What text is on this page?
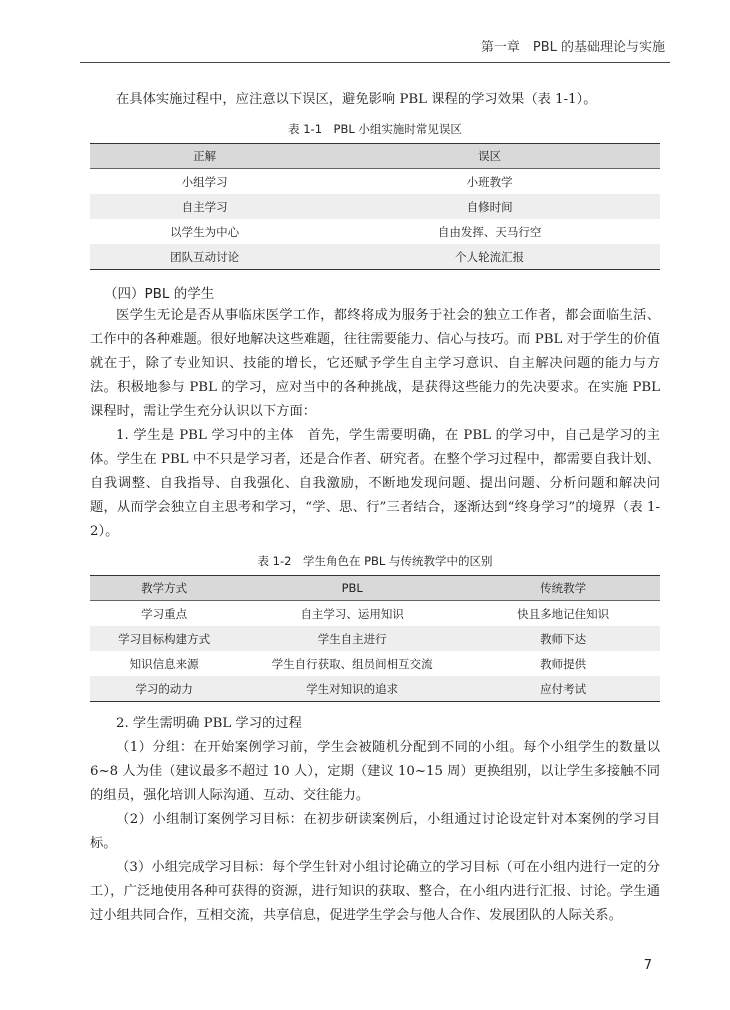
第一章　PBL 的基础理论与实施

在具体实施过程中，应注意以下误区，避免影响 PBL 课程的学习效果（表 1-1）。

表 1-1　PBL 小组实施时常见误区
正解	误区
小组学习	小班教学
自主学习	自修时间
以学生为中心	自由发挥、天马行空
团队互动讨论	个人轮流汇报
（四）PBL 的学生

医学生无论是否从事临床医学工作，都终将成为服务于社会的独立工作者，都会面临生活、工作中的各种难题。很好地解决这些难题，往往需要能力、信心与技巧。而 PBL 对于学生的价值就在于，除了专业知识、技能的增长，它还赋予学生自主学习意识、自主解决问题的能力与方法。积极地参与 PBL 的学习，应对当中的各种挑战，是获得这些能力的先决要求。在实施 PBL 课程时，需让学生充分认识以下方面：

1. 学生是 PBL 学习中的主体　首先，学生需要明确，在 PBL 的学习中，自己是学习的主体。学生在 PBL 中不只是学习者，还是合作者、研究者。在整个学习过程中，都需要自我计划、自我调整、自我指导、自我强化、自我激励，不断地发现问题、提出问题、分析问题和解决问题，从而学会独立自主思考和学习，“学、思、行”三者结合，逐渐达到“终身学习”的境界（表 1-2）。

表 1-2　学生角色在 PBL 与传统教学中的区别
教学方式	PBL	传统教学
学习重点	自主学习、运用知识	快且多地记住知识
学习目标构建方式	学生自主进行	教师下达
知识信息来源	学生自行获取、组员间相互交流	教师提供
学习的动力	学生对知识的追求	应付考试

2. 学生需明确 PBL 学习的过程

（1）分组：在开始案例学习前，学生会被随机分配到不同的小组。每个小组学生的数量以 6~8 人为佳（建议最多不超过 10 人），定期（建议 10~15 周）更换组别，以让学生多接触不同的组员，强化培训人际沟通、互动、交往能力。

（2）小组制订案例学习目标：在初步研读案例后，小组通过讨论设定针对本案例的学习目标。

（3）小组完成学习目标：每个学生针对小组讨论确立的学习目标（可在小组内进行一定的分工），广泛地使用各种可获得的资源，进行知识的获取、整合，在小组内进行汇报、讨论。学生通过小组共同合作，互相交流，共享信息，促进学生学会与他人合作、发展团队的人际关系。

7
